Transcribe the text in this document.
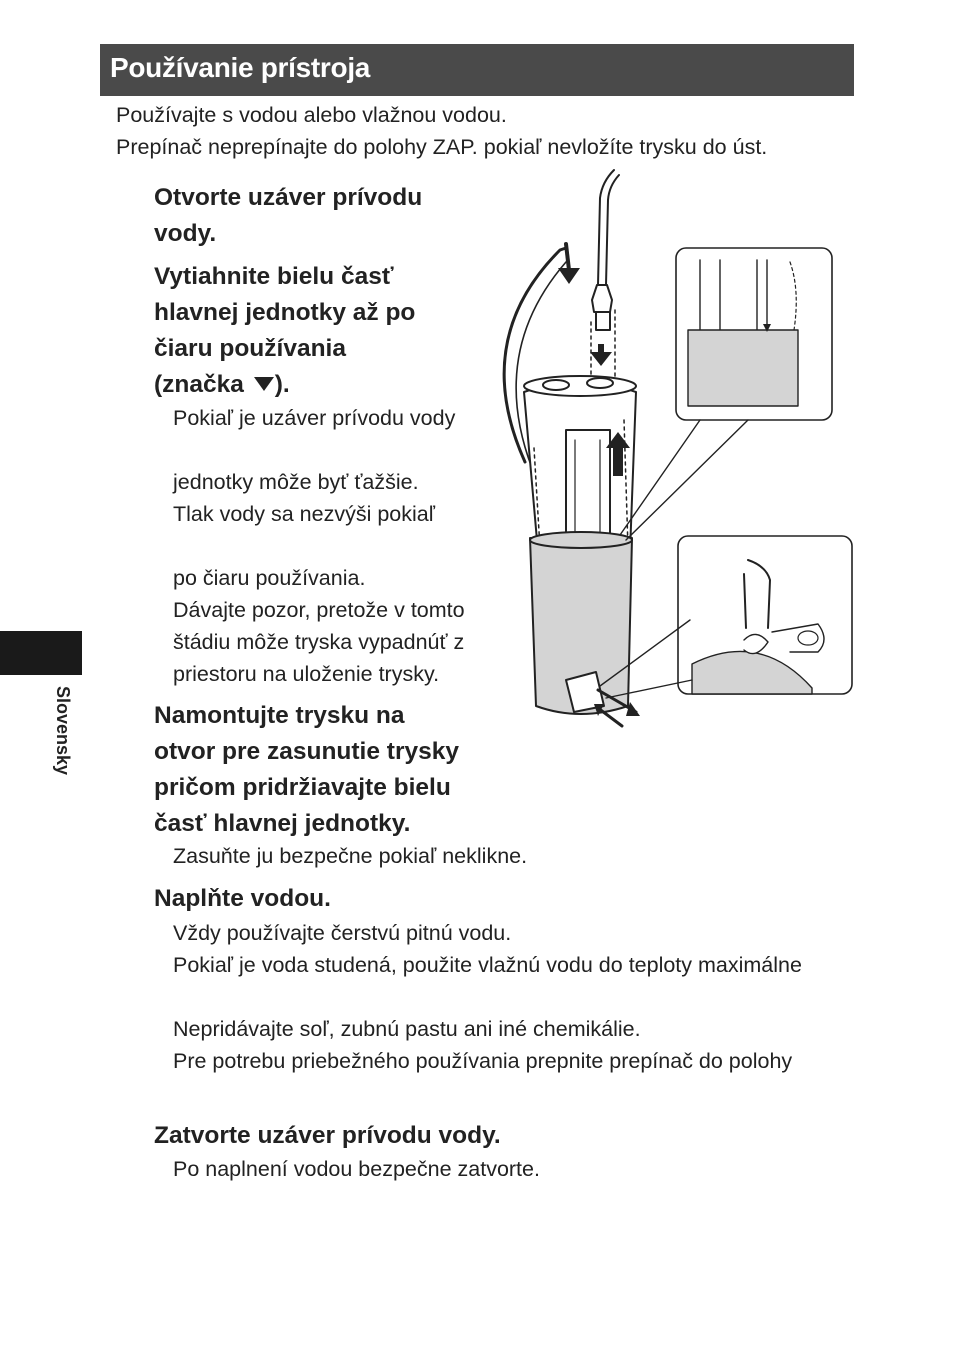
Používanie prístroja
Používajte s vodou alebo vlažnou vodou.
Prepínač neprepínajte do polohy ZAP. pokiaľ nevložíte trysku do úst.
Otvorte uzáver prívodu
vody.
Vytiahnite bielu časť
hlavnej jednotky až po
čiaru používania
(značka ).
Pokiaľ je uzáver prívodu vody
jednotky môže byť ťažšie.
Tlak vody sa nezvýši pokiaľ
po čiaru používania.
Dávajte pozor, pretože v tomto
štádiu môže tryska vypadnúť z
priestoru na uloženie trysky.
Namontujte trysku na
otvor pre zasunutie trysky
pričom pridržiavajte bielu
časť hlavnej jednotky.
Zasuňte ju bezpečne pokiaľ neklikne.
Naplňte vodou.
Vždy používajte čerstvú pitnú vodu.
Pokiaľ je voda studená, použite vlažnú vodu do teploty maximálne
Nepridávajte soľ, zubnú pastu ani iné chemikálie.
Pre potrebu priebežného používania prepnite prepínač do polohy
Zatvorte uzáver prívodu vody.
Po naplnení vodou bezpečne zatvorte.
Slovensky
